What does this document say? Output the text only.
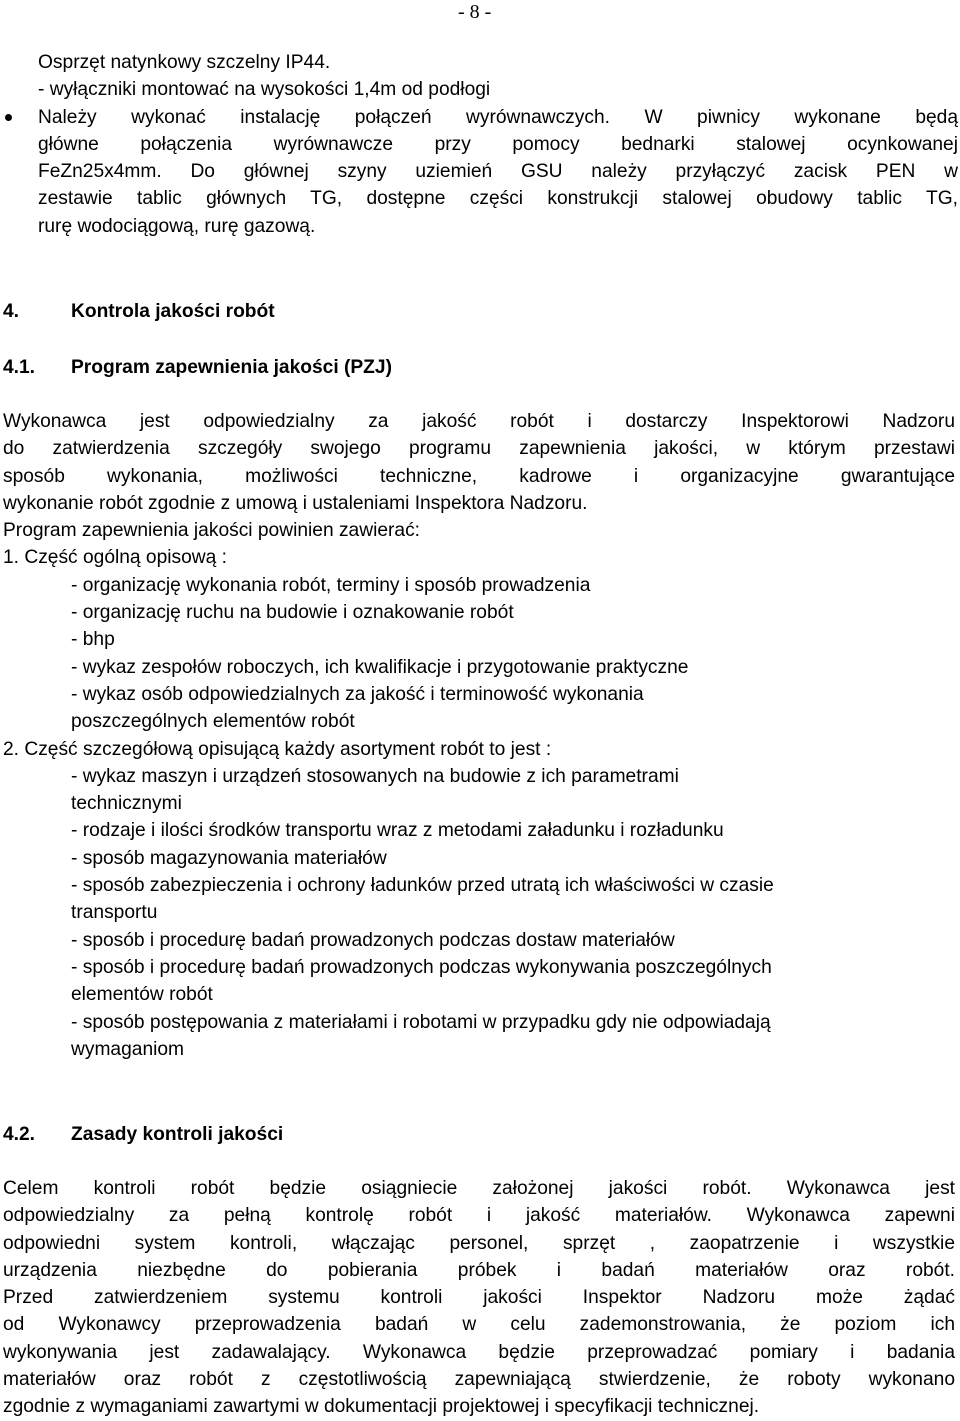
- 8 -
Osprzęt natynkowy szczelny IP44.
- wyłączniki montować na wysokości 1,4m od podłogi
Należy wykonać instalację połączeń wyrównawczych. W piwnicy wykonane będą
główne połączenia wyrównawcze przy pomocy bednarki stalowej ocynkowanej
FeZn25x4mm. Do głównej szyny uziemień GSU należy przyłączyć zacisk PEN w
zestawie tablic głównych TG, dostępne części konstrukcji stalowej obudowy tablic TG,
rurę wodociągową, rurę gazową.
4.	Kontrola jakości robót
4.1. Program zapewnienia jakości (PZJ)
Wykonawca jest odpowiedzialny za jakość robót i dostarczy Inspektorowi Nadzoru
do zatwierdzenia szczegóły swojego programu zapewnienia jakości, w którym przestawi
sposób wykonania, możliwości techniczne, kadrowe i organizacyjne gwarantujące
wykonanie robót zgodnie z umową i ustaleniami Inspektora Nadzoru.
Program zapewnienia jakości powinien zawierać:
1. Część ogólną opisową :
- organizację wykonania robót, terminy i sposób prowadzenia
- organizację ruchu na budowie i oznakowanie robót
- bhp
- wykaz zespołów roboczych, ich kwalifikacje i przygotowanie praktyczne
- wykaz osób odpowiedzialnych za jakość i terminowość wykonania
poszczególnych elementów robót
2. Część szczegółową opisującą każdy asortyment robót to jest :
- wykaz maszyn i urządzeń stosowanych na budowie z ich parametrami
technicznymi
- rodzaje i ilości środków transportu wraz z metodami załadunku i rozładunku
- sposób magazynowania materiałów
- sposób zabezpieczenia i ochrony ładunków przed utratą ich właściwości w czasie
transportu
- sposób i procedurę badań prowadzonych podczas dostaw materiałów
- sposób i procedurę badań prowadzonych podczas wykonywania poszczególnych
elementów robót
- sposób postępowania z materiałami i robotami w przypadku gdy nie odpowiadają
wymaganiom
4.2. Zasady kontroli jakości
Celem kontroli robót będzie osiągniecie założonej jakości robót. Wykonawca jest
odpowiedzialny za pełną kontrolę robót i jakość materiałów. Wykonawca zapewni
odpowiedni system kontroli, włączając personel, sprzęt , zaopatrzenie i wszystkie
urządzenia niezbędne do pobierania próbek i badań materiałów oraz robót.
Przed zatwierdzeniem systemu kontroli jakości Inspektor Nadzoru może żądać
od Wykonawcy przeprowadzenia badań w celu zademonstrowania, że poziom ich
wykonywania jest zadawalający. Wykonawca będzie przeprowadzać pomiary i badania
materiałów oraz robót z częstotliwością zapewniającą stwierdzenie, że roboty wykonano
zgodnie z wymaganiami zawartymi w dokumentacji projektowej i specyfikacji technicznej.
